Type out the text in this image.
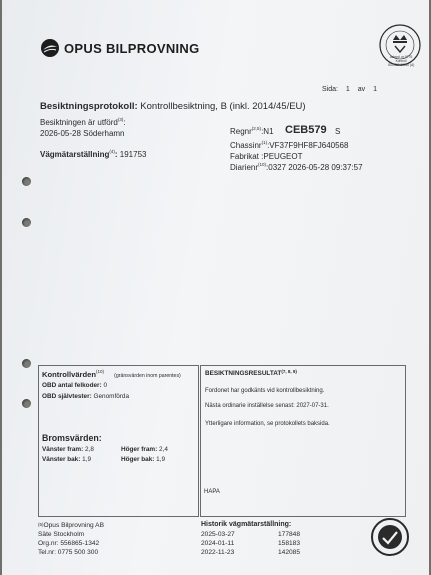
OPUS BILPROVNING
Ackred. nr 9776
Kontroll
ISO/IEC 17020 (A)
Sida: 1 av 1
Besiktningsprotokoll: Kontrollbesiktning, B (inkl. 2014/45/EU)
Besiktningen är utförd$^{(3)}$:
2026-05-28 Söderhamn
Vägmätarställning$^{(4)}$: 191753
Regnr$^{(2,5)}$:N1 CEB579 S
Chassinr$^{(1)}$:VF37F9HF8FJ640568
Fabrikat :PEUGEOT
Diarienr$^{(10)}$:0327 2026-05-28 09:37:57
Kontrollvärden$^{(10)}$ (gränsvärden inom parentes)
OBD antal felkoder: 0
OBD självtester: Genomförda
Bromsvärden:
Vänster fram: 2,8	Höger fram: 2,4
Vänster bak: 1,9	Höger bak: 1,9
BESIKTNINGSRESULTAT$^{(7, 8, 9)}$
Fordonet har godkänts vid kontrollbesiktning.
Nästa ordinarie inställelse senast: 2027-07-31.
Ytterligare information, se protokollets baksida.
HAPA
$^{(6)}$Opus Bilprovning AB
Säte Stockholm
Org.nr: 556865-1342
Tel.nr: 0775 500 300
Historik vägmätarställning:
2025-03-27	177848
2024-01-11	158183
2022-11-23	142085
